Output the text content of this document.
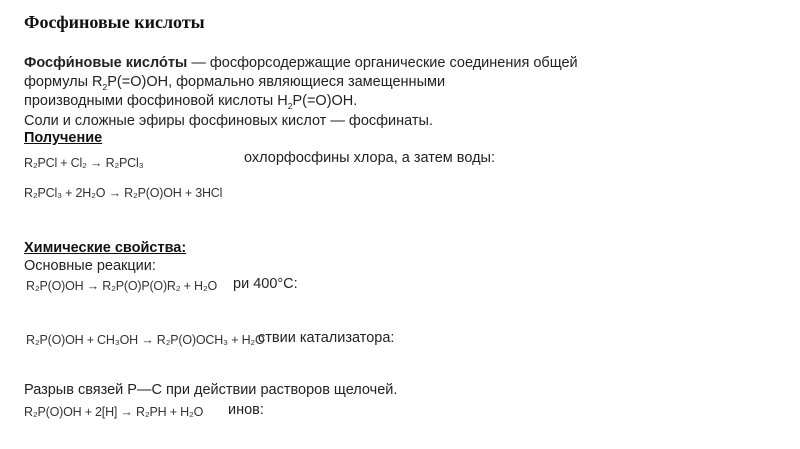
Фосфиновые кислоты
Фосфи́новые кисло́ты — фосфорсодержащие органические соединения общей
формулы $R_2P(=O)OH$, формально являющиеся замещенными
производными фосфиновой кислоты $H_2P(=O)OH$.
Соли и сложные эфиры фосфиновых кислот — фосфинаты.
Получение
охлорфосфины хлора, а затем воды:
R₂PCl + Cl₂ → R₂PCl₃
R₂PCl₃ + 2H₂O → R₂P(O)OH + 3HCl
Химические свойства:
Основные реакции:
ри 400°С:
R₂P(O)OH → R₂P(O)P(O)R₂ + H₂O
ствии катализатора:
R₂P(O)OH + CH₃OH → R₂P(O)OCH₃ + H₂O
Разрыв связей Р—С при действии растворов щелочей.
инов:
R₂P(O)OH + 2[H] → R₂PH + H₂O
